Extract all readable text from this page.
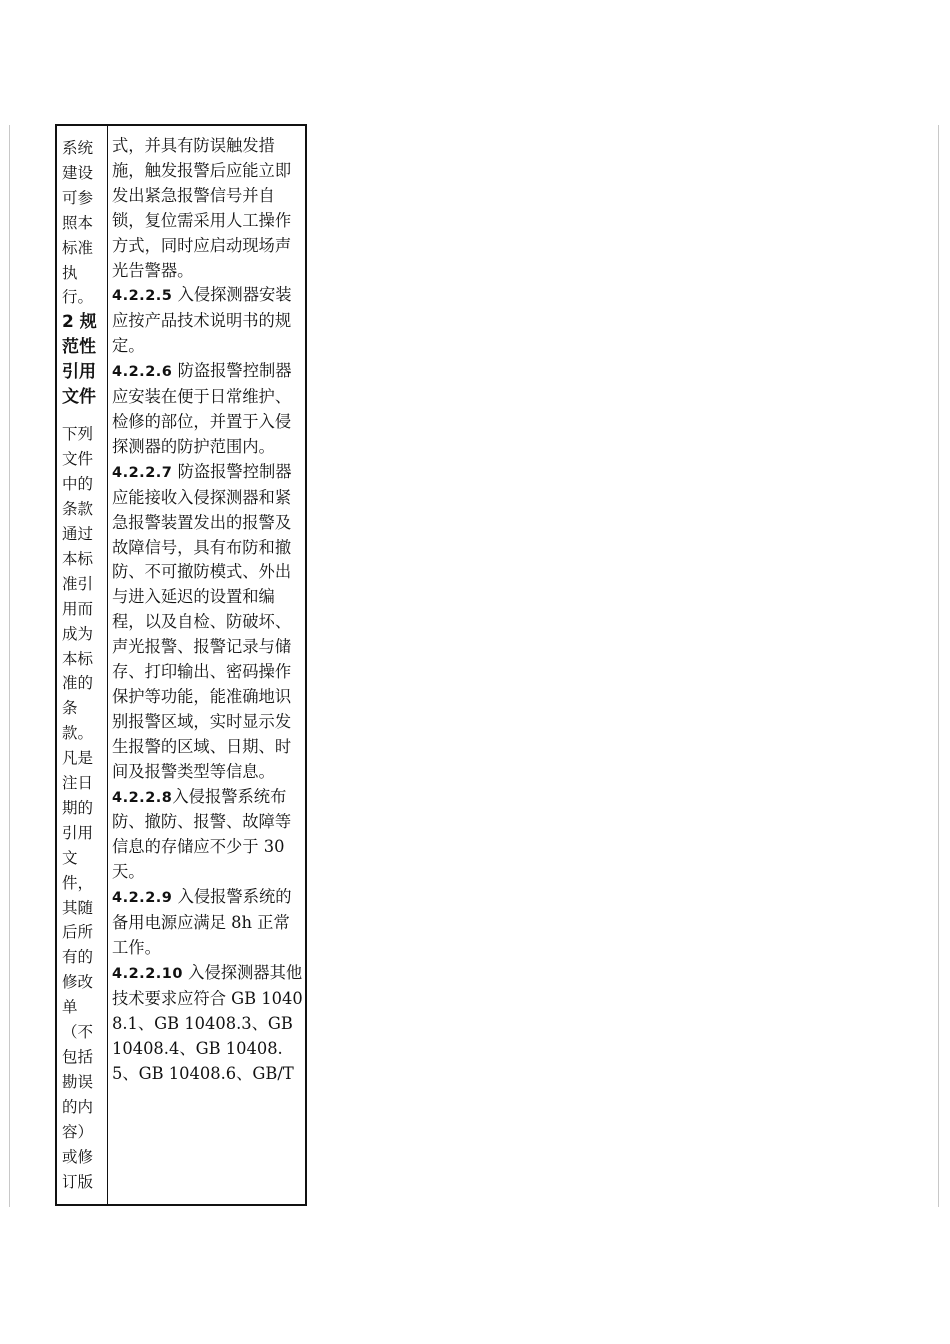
系统建设可参照本标准执行。
2 规范性引用文件
下列文件中的条款通过本标准引用而成为本标准的条款。凡是注日期的引用文件，其随后所有的修改单（不包括勘误的内容）或修订版

式，并具有防误触发措施，触发报警后应能立即发出紧急报警信号并自锁，复位需采用人工操作方式，同时应启动现场声光告警器。

4.2.2.5 入侵探测器安装应按产品技术说明书的规定。

4.2.2.6 防盗报警控制器应安装在便于日常维护、检修的部位，并置于入侵探测器的防护范围内。

4.2.2.7 防盗报警控制器应能接收入侵探测器和紧急报警装置发出的报警及故障信号，具有布防和撤防、不可撤防模式、外出与进入延迟的设置和编程，以及自检、防破坏、声光报警、报警记录与储存、打印输出、密码操作保护等功能，能准确地识别报警区域，实时显示发生报警的区域、日期、时间及报警类型等信息。

4.2.2.8入侵报警系统布防、撤防、报警、故障等信息的存储应不少于 30 天。

4.2.2.9 入侵报警系统的备用电源应满足 8h 正常工作。

4.2.2.10 入侵探测器其他技术要求应符合 GB 10408.1、GB 10408.3、GB 10408.4、GB 10408.5、GB 10408.6、GB/T
